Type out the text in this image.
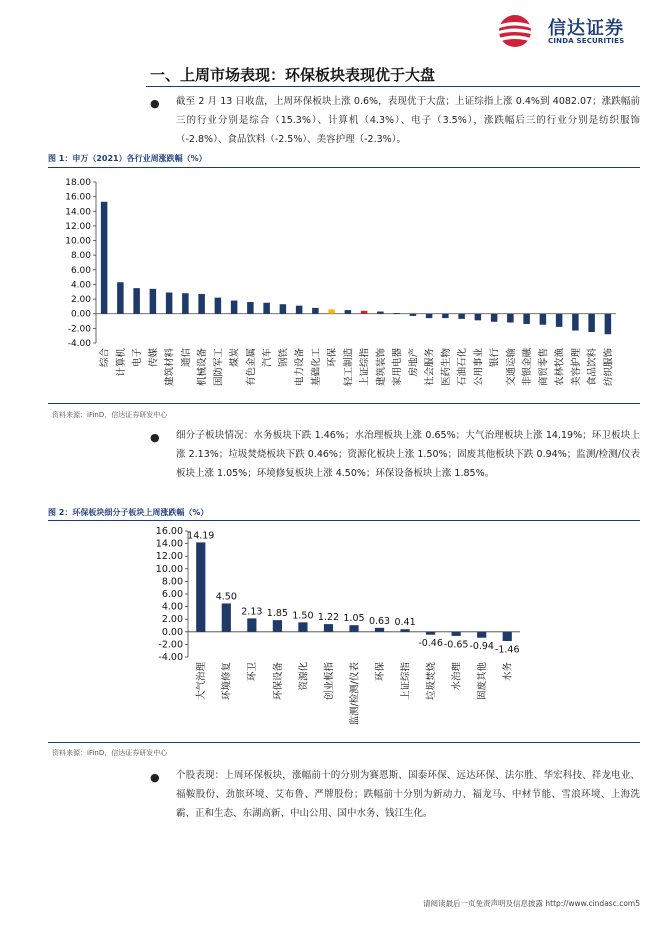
信达证券
CINDA SECURITIES
一、上周市场表现：环保板块表现优于大盘
● 截至 2 月 13 日收盘，上周环保板块上涨 0.6%，表现优于大盘；上证综指上涨 0.4%到 4082.07；涨跌幅前三的行业分别是综合（15.3%）、计算机（4.3%）、电子（3.5%），涨跌幅后三的行业分别是纺织服饰（-2.8%）、食品饮料（-2.5%）、美容护理（-2.3%）。
图 1：申万（2021）各行业周涨跌幅（%）
18.00
16.00
14.00
12.00
10.00
8.00
6.00
4.00
2.00
0.00
-2.00
-4.00
综合 计算机 电子 传媒 建筑材料 通信 机械设备 国防军工 煤炭 有色金属 汽车 钢铁 电力设备 基础化工 环保 轻工制造 上证综指 建筑装饰 家用电器 房地产 社会服务 医药生物 石油石化 公用事业 银行 交通运输 非银金融 商贸零售 农林牧渔 美容护理 食品饮料 纺织服饰
资料来源：iFinD，信达证券研发中心
● 细分子板块情况：水务板块下跌 1.46%；水治理板块上涨 0.65%；大气治理板块上涨 14.19%；环卫板块上涨 2.13%；垃圾焚烧板块下跌 0.46%；资源化板块上涨 1.50%；固废其他板块下跌 0.94%；监测/检测/仪表板块上涨 1.05%；环境修复板块上涨 4.50%；环保设备板块上涨 1.85%。
图 2：环保板块细分子板块上周涨跌幅（%）
16.00
14.00
12.00
10.00
8.00
6.00
4.00
2.00
0.00
-2.00
-4.00
大气治理
14.19
环境修复
4.50
环卫
2.13
环保设备
1.85
资源化
1.50
创业板指
1.22
监测/检测/仪表
1.05
环保
0.63
上证综指
0.41
垃圾焚烧
-0.46
水治理
-0.65
固废其他
-0.94
水务
-1.46
资料来源：iFinD，信达证券研发中心
● 个股表现：上周环保板块，涨幅前十的分别为赛恩斯、国泰环保、远达环保、法尔胜、华宏科技、祥龙电业、福鞍股份、劲旅环境、艾布鲁、严牌股份；跌幅前十分别为新动力、福龙马、中材节能、雪浪环境、上海洗霸、正和生态、东湖高新、中山公用、国中水务、钱江生化。
请阅读最后一页免责声明及信息披露 http://www.cindasc.com5
